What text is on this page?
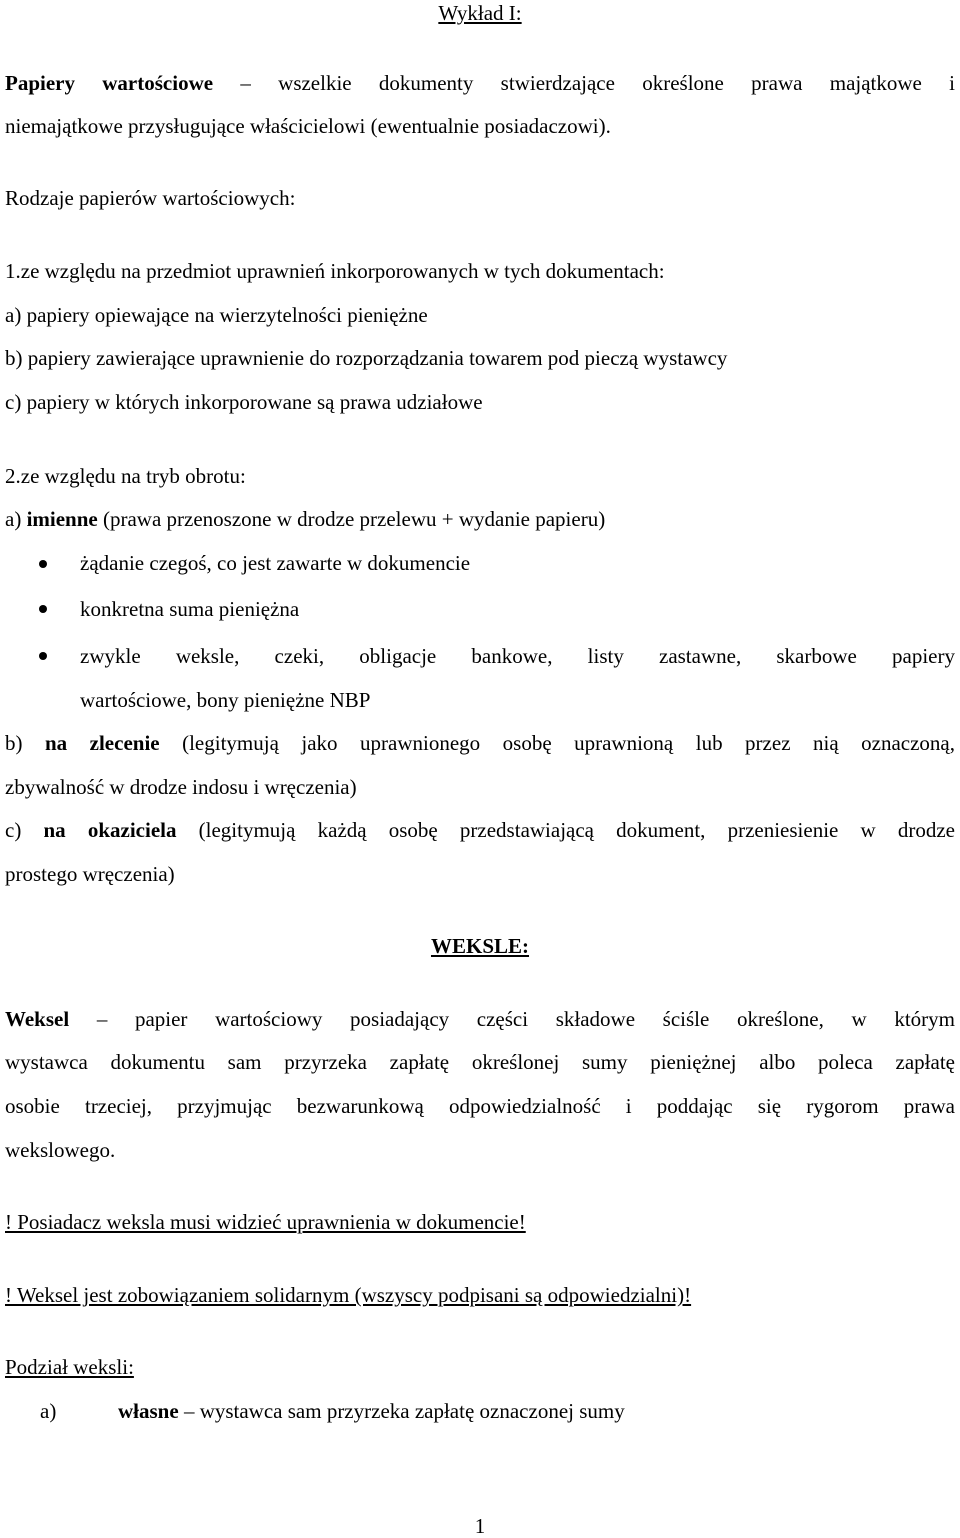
Wykład I:
Papiery wartościowe – wszelkie dokumenty stwierdzające określone prawa majątkowe i
niemajątkowe przysługujące właścicielowi (ewentualnie posiadaczowi).
Rodzaje papierów wartościowych:
1.ze względu na przedmiot uprawnień inkorporowanych w tych dokumentach:
a) papiery opiewające na wierzytelności pieniężne
b) papiery zawierające uprawnienie do rozporządzania towarem pod pieczą wystawcy
c) papiery w których inkorporowane są prawa udziałowe
2.ze względu na tryb obrotu:
a) imienne (prawa przenoszone w drodze przelewu + wydanie papieru)
żądanie czegoś, co jest zawarte w dokumencie
konkretna suma pieniężna
zwykle weksle, czeki, obligacje bankowe, listy zastawne, skarbowe papiery
wartościowe, bony pieniężne NBP
b) na zlecenie (legitymują jako uprawnionego osobę uprawnioną lub przez nią oznaczoną,
zbywalność w drodze indosu i wręczenia)
c) na okaziciela (legitymują każdą osobę przedstawiającą dokument, przeniesienie w drodze
prostego wręczenia)
WEKSLE:
Weksel – papier wartościowy posiadający części składowe ściśle określone, w którym
wystawca dokumentu sam przyrzeka zapłatę określonej sumy pieniężnej albo poleca zapłatę
osobie trzeciej, przyjmując bezwarunkową odpowiedzialność i poddając się rygorom prawa
wekslowego.
! Posiadacz weksla musi widzieć uprawnienia w dokumencie!
! Weksel jest zobowiązaniem solidarnym (wszyscy podpisani są odpowiedzialni)!
Podział weksli:
a)	własne – wystawca sam przyrzeka zapłatę oznaczonej sumy
1
